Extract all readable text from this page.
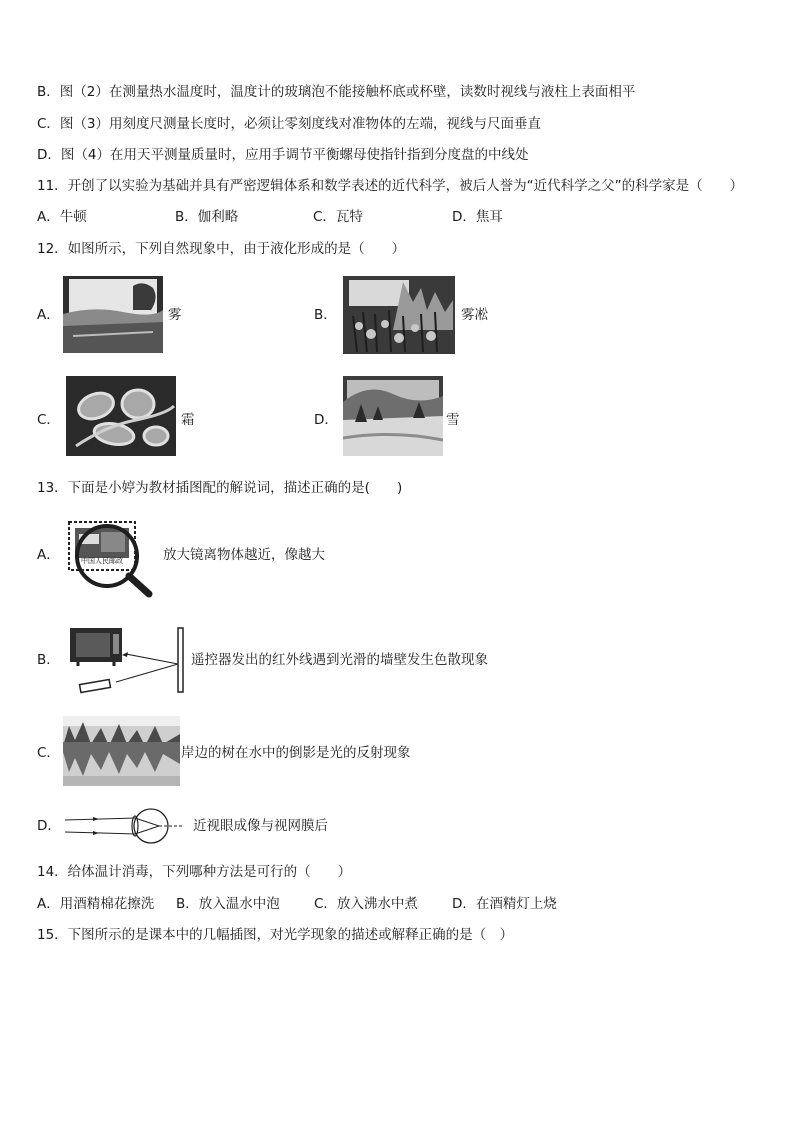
B．图（2）在测量热水温度时，温度计的玻璃泡不能接触杯底或杯壁，读数时视线与液柱上表面相平
C．图（3）用刻度尺测量长度时，必须让零刻度线对准物体的左端，视线与尺面垂直
D．图（4）在用天平测量质量时，应用手调节平衡螺母使指针指到分度盘的中线处
11．开创了以实验为基础并具有严密逻辑体系和数学表述的近代科学，被后人誉为“近代科学之父”的科学家是（　　）
A．牛顿	B．伽利略	C．瓦特	D．焦耳
12．如图所示，下列自然现象中，由于液化形成的是（　　）
A．	雾	B．	雾凇
C．	霜	D．	雪
13．下面是小婷为教材插图配的解说词，描述正确的是(　　)
A．	中国人民邮政	放大镜离物体越近，像越大
B．	遥控器发出的红外线遇到光滑的墙壁发生色散现象
C．	岸边的树在水中的倒影是光的反射现象
D．	近视眼成像与视网膜后
14．给体温计消毒，下列哪种方法是可行的（　　）
A．用酒精棉花擦洗 B．放入温水中泡	C．放入沸水中煮	D．在酒精灯上烧
15．下图所示的是课本中的几幅插图，对光学现象的描述或解释正确的是（　）
